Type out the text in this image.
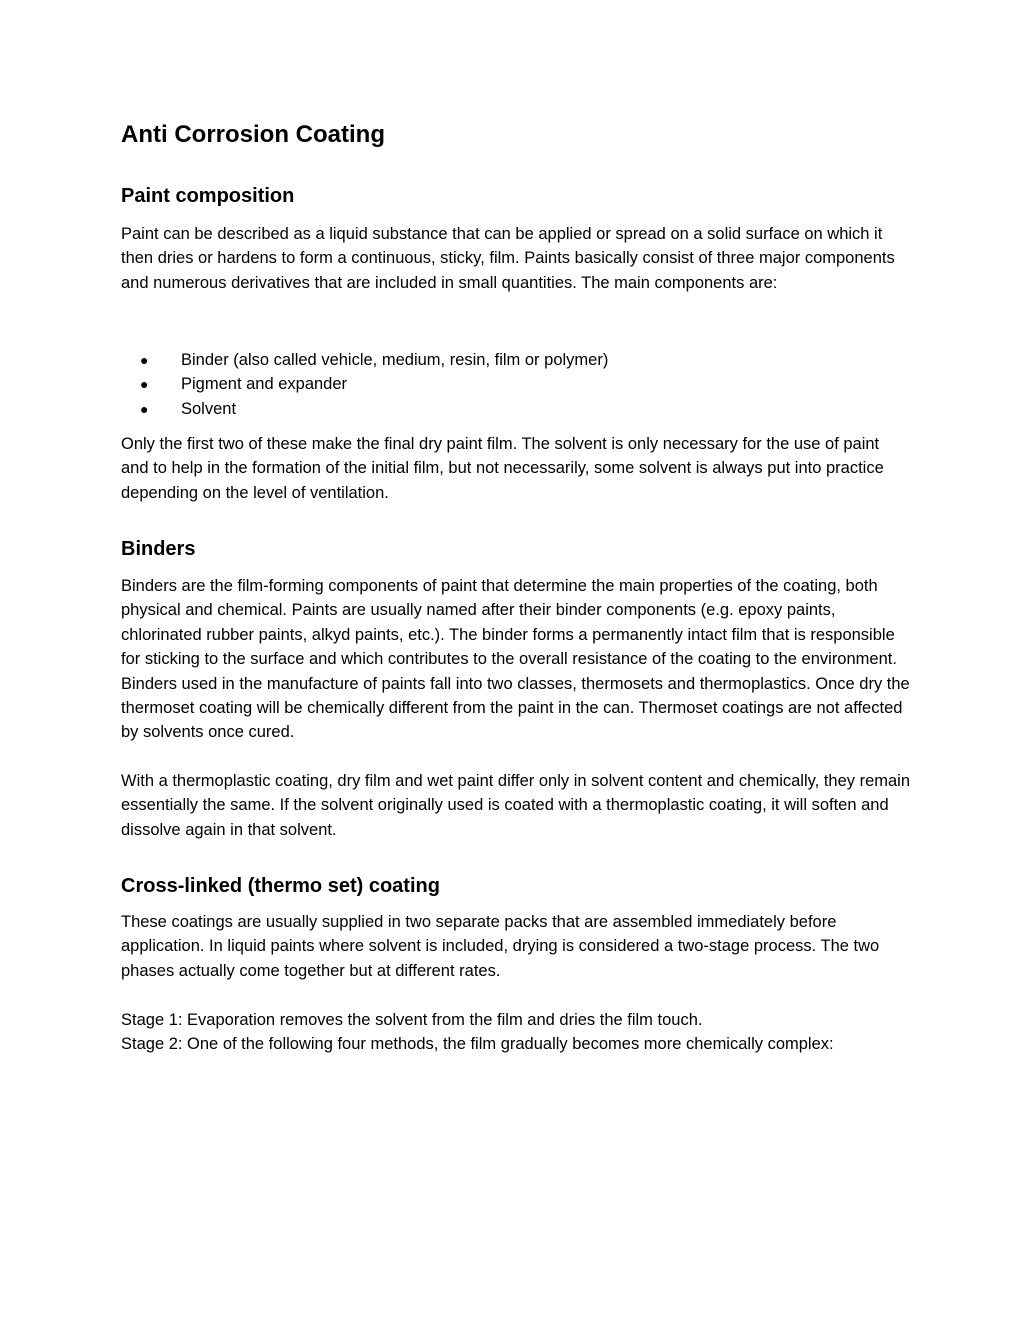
Anti Corrosion Coating
Paint composition

Paint can be described as a liquid substance that can be applied or spread on a solid surface on which it then dries or hardens to form a continuous, sticky, film. Paints basically consist of three major components and numerous derivatives that are included in small quantities. The main components are:

● Binder (also called vehicle, medium, resin, film or polymer)
● Pigment and expander
● Solvent

Only the first two of these make the final dry paint film. The solvent is only necessary for the use of paint and to help in the formation of the initial film, but not necessarily, some solvent is always put into practice depending on the level of ventilation.

Binders

Binders are the film-forming components of paint that determine the main properties of the coating, both physical and chemical. Paints are usually named after their binder components (e.g. epoxy paints, chlorinated rubber paints, alkyd paints, etc.). The binder forms a permanently intact film that is responsible for sticking to the surface and which contributes to the overall resistance of the coating to the environment. Binders used in the manufacture of paints fall into two classes, thermosets and thermoplastics. Once dry the thermoset coating will be chemically different from the paint in the can. Thermoset coatings are not affected by solvents once cured.

With a thermoplastic coating, dry film and wet paint differ only in solvent content and chemically, they remain essentially the same. If the solvent originally used is coated with a thermoplastic coating, it will soften and dissolve again in that solvent.

Cross-linked (thermo set) coating

These coatings are usually supplied in two separate packs that are assembled immediately before application. In liquid paints where solvent is included, drying is considered a two-stage process. The two phases actually come together but at different rates.

Stage 1: Evaporation removes the solvent from the film and dries the film touch.

Stage 2: One of the following four methods, the film gradually becomes more chemically complex:
